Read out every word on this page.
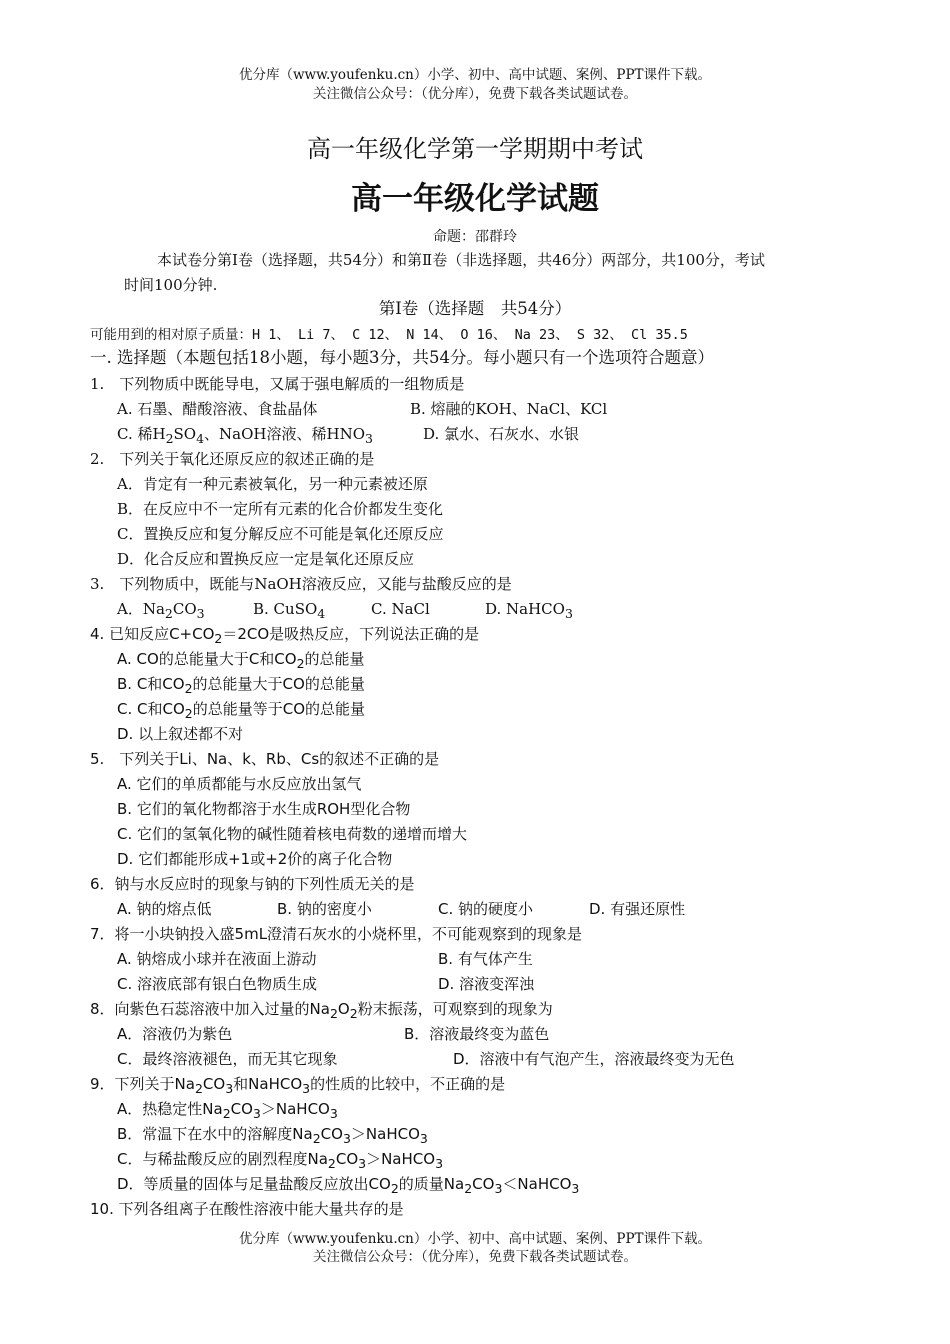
优分库（www.youfenku.cn）小学、初中、高中试题、案例、PPT课件下载。
关注微信公众号：（优分库），免费下载各类试题试卷。
高一年级化学第一学期期中考试
高一年级化学试题
命题：邵群玲
本试卷分第Ⅰ卷（选择题，共54分）和第Ⅱ卷（非选择题，共46分）两部分，共100分，考试
时间100分钟.
第Ⅰ卷（选择题　共54分）
可能用到的相对原子质量：H 1、 Li 7、 C 12、 N 14、 O 16、 Na 23、 S 32、 Cl 35.5
一. 选择题（本题包括18小题，每小题3分，共54分。每小题只有一个选项符合题意）
1.　下列物质中既能导电，又属于强电解质的一组物质是
A. 石墨、醋酸溶液、食盐晶体	B. 熔融的KOH、NaCl、KCl
C. 稀$H_2SO_4$、NaOH溶液、稀$HNO_3$	D. 氯水、石灰水、水银
2.　下列关于氧化还原反应的叙述正确的是
A．肯定有一种元素被氧化，另一种元素被还原
B．在反应中不一定所有元素的化合价都发生变化
C．置换反应和复分解反应不可能是氧化还原反应
D．化合反应和置换反应一定是氧化还原反应
3.　下列物质中，既能与NaOH溶液反应，又能与盐酸反应的是
A．$Na_2CO_3$	B. CuSO$_4$	C. NaCl	D. NaHCO$_3$
4. 已知反应$C+CO_2=2CO$是吸热反应，下列说法正确的是
A. CO的总能量大于C和$CO_2$的总能量
B. C和$CO_2$的总能量大于CO的总能量
C. C和$CO_2$的总能量等于CO的总能量
D. 以上叙述都不对
5.　下列关于Li、Na、k、Rb、Cs的叙述不正确的是
A. 它们的单质都能与水反应放出氢气
B. 它们的氧化物都溶于水生成ROH型化合物
C. 它们的氢氧化物的碱性随着核电荷数的递增而增大
D. 它们都能形成+1或+2价的离子化合物
6．钠与水反应时的现象与钠的下列性质无关的是
A. 钠的熔点低	B. 钠的密度小	C. 钠的硬度小	D. 有强还原性
7．将一小块钠投入盛5mL澄清石灰水的小烧杯里，不可能观察到的现象是
A. 钠熔成小球并在液面上游动	B. 有气体产生
C. 溶液底部有银白色物质生成	D. 溶液变浑浊
8．向紫色石蕊溶液中加入过量的$Na_2O_2$粉末振荡，可观察到的现象为
A．溶液仍为紫色	B．溶液最终变为蓝色
C．最终溶液褪色，而无其它现象	D．溶液中有气泡产生，溶液最终变为无色
9．下列关于$Na_2CO_3$和NaHCO$_3$的性质的比较中，不正确的是
A．热稳定性$Na_2CO_3>NaHCO_3$
B．常温下在水中的溶解度$Na_2CO_3>NaHCO_3$
C．与稀盐酸反应的剧烈程度$Na_2CO_3>NaHCO_3$
D．等质量的固体与足量盐酸反应放出$CO_2$的质量$Na_2CO_3<NaHCO_3$
10. 下列各组离子在酸性溶液中能大量共存的是
优分库（www.youfenku.cn）小学、初中、高中试题、案例、PPT课件下载。
关注微信公众号：（优分库），免费下载各类试题试卷。
